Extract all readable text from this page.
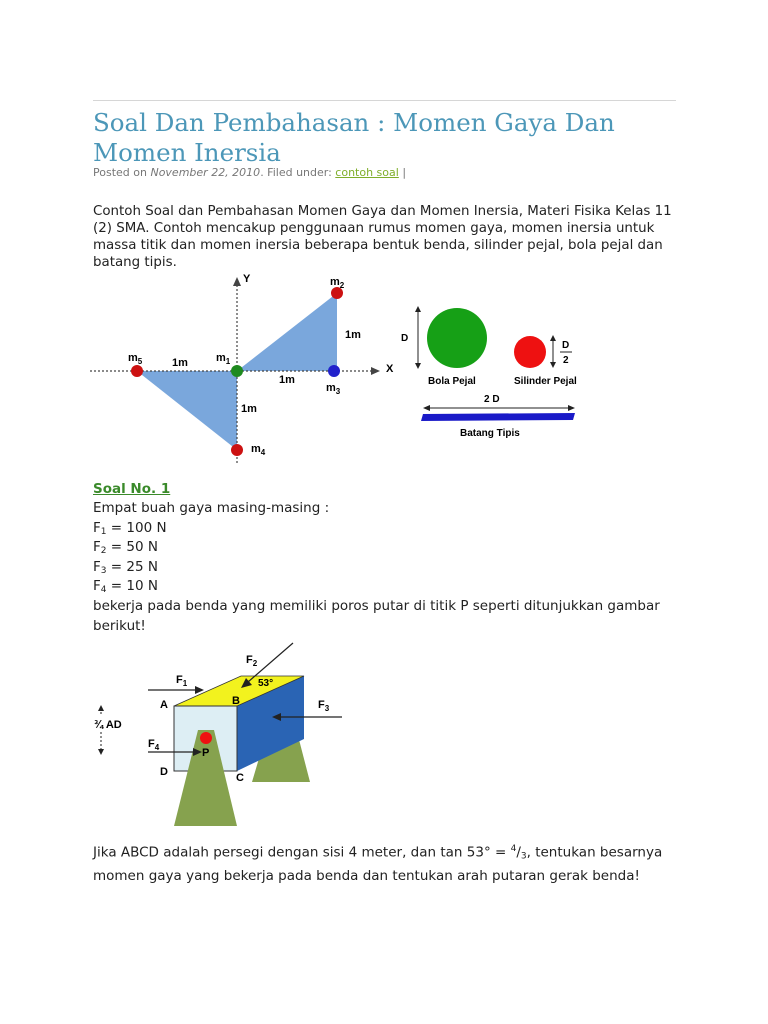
Soal Dan Pembahasan : Momen Gaya Dan Momen Inersia
Posted on November 22, 2010. Filed under: contoh soal |

Contoh Soal dan Pembahasan Momen Gaya dan Momen Inersia, Materi Fisika Kelas 11 (2) SMA. Contoh mencakup penggunaan rumus momen gaya, momen inersia untuk massa titik dan momen inersia beberapa bentuk benda, silinder pejal, bola pejal dan batang tipis.

Y
X
$m_1$
$m_2$
$m_3$
$m_4$
$m_5$	1m
1m
1m
1m
D
Bola Pejal	Silinder Pejal
D
2
2 D
Batang Tipis

Soal No. 1

Empat buah gaya masing-masing :

$F_1 = 100$ N

$F_2 = 50$ N

$F_3 = 25$ N

$F_4 = 10$ N

bekerja pada benda yang memiliki poros putar di titik P seperti ditunjukkan gambar berikut!

P
A	B
C
D
$F_1$
$F_2$
53°
$F_3$
$F_4$
¾ AD

Jika ABCD adalah persegi dengan sisi 4 meter, dan $\tan 53^\circ = ^4/_3$, tentukan besarnya momen gaya yang bekerja pada benda dan tentukan arah putaran gerak benda!
